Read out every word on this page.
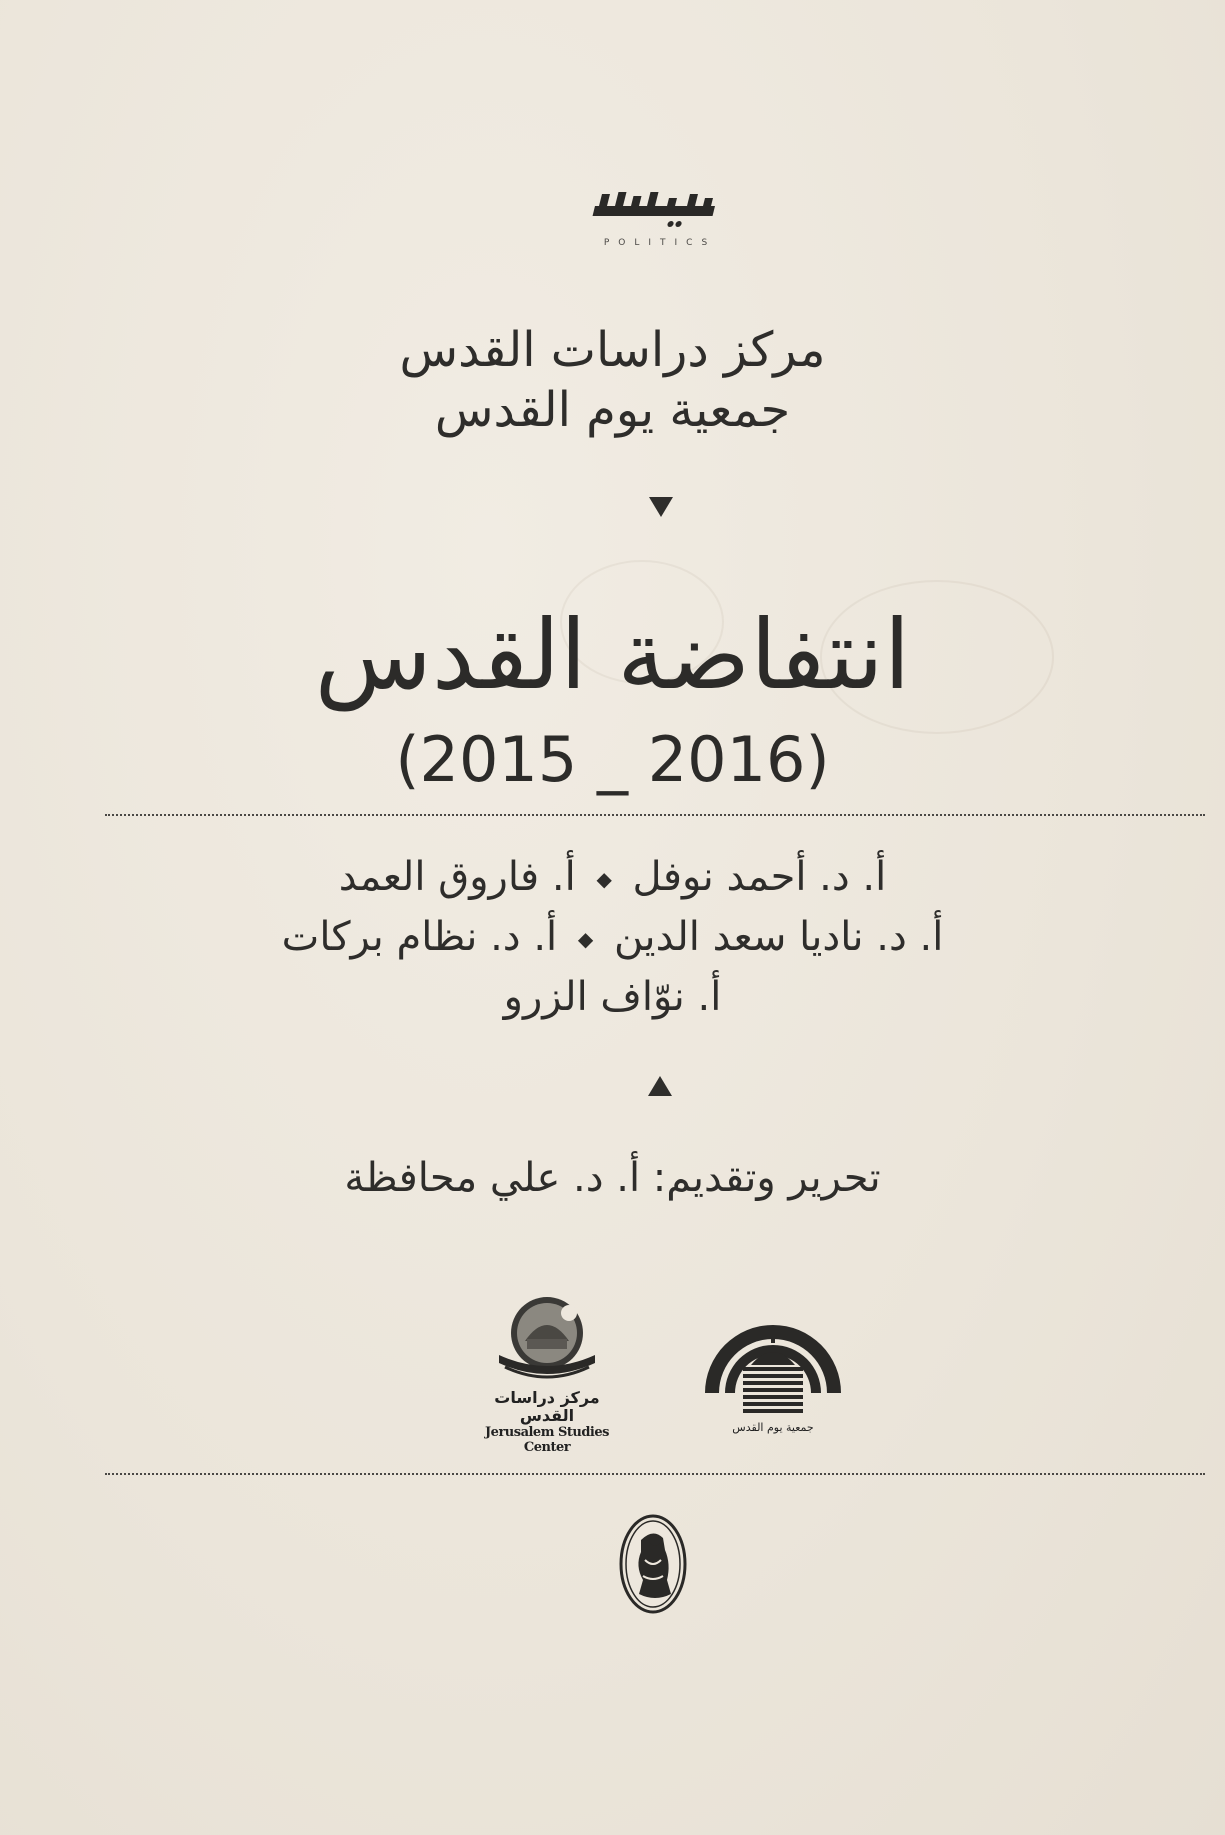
POLITICS
مركز دراسات القدس
جمعية يوم القدس
انتفاضة القدس
(2015 _ 2016)
أ. د. أحمد نوفل ◆ أ. فاروق العمد
أ. د. ناديا سعد الدين ◆ أ. د. نظام بركات
أ. نوّاف الزرو
تحرير وتقديم: أ. د. علي محافظة
مركز دراسات القدس
Jerusalem Studies Center
جمعية يوم القدس
